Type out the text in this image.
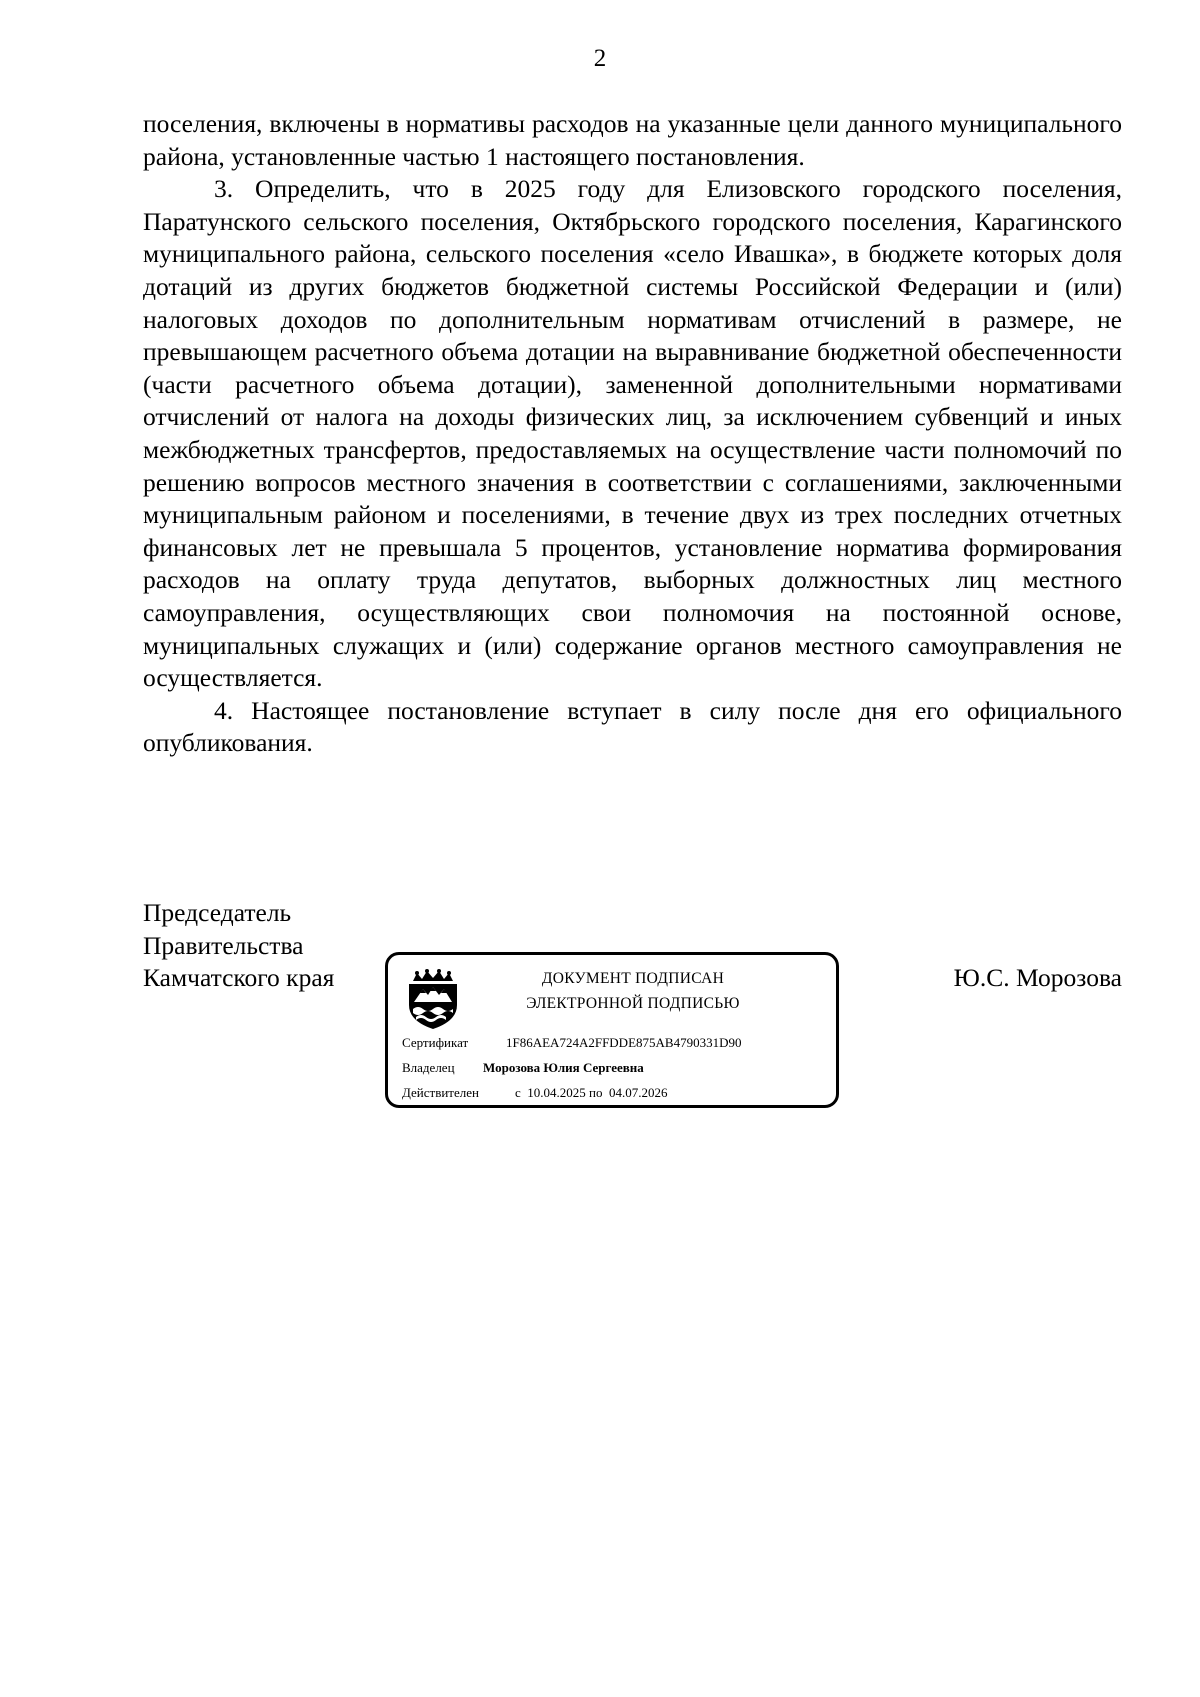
2

поселения, включены в нормативы расходов на указанные цели данного муниципального района, установленные частью 1 настоящего постановления.

3. Определить, что в 2025 году для Елизовского городского поселения, Паратунского сельского поселения, Октябрьского городского поселения, Карагинского муниципального района, сельского поселения «село Ивашка», в бюджете которых доля дотаций из других бюджетов бюджетной системы Российской Федерации и (или) налоговых доходов по дополнительным нормативам отчислений в размере, не превышающем расчетного объема дотации на выравнивание бюджетной обеспеченности (части расчетного объема дотации), замененной дополнительными нормативами отчислений от налога на доходы физических лиц, за исключением субвенций и иных межбюджетных трансфертов, предоставляемых на осуществление части полномочий по решению вопросов местного значения в соответствии с соглашениями, заключенными муниципальным районом и поселениями, в течение двух из трех последних отчетных финансовых лет не превышала 5 процентов, установление норматива формирования расходов на оплату труда депутатов, выборных должностных лиц местного самоуправления, осуществляющих свои полномочия на постоянной основе, муниципальных служащих и (или) содержание органов местного самоуправления не осуществляется.

4. Настоящее постановление вступает в силу после дня его официального опубликования.

Председатель
Правительства
Камчатского края	Ю.С. Морозова
ДОКУМЕНТ ПОДПИСАН
ЭЛЕКТРОННОЙ ПОДПИСЬЮ
Сертификат	1F86AEA724A2FFDDE875AB4790331D90
Владелец Морозова Юлия Сергеевна
Действителен	с  10.04.2025 по  04.07.2026
